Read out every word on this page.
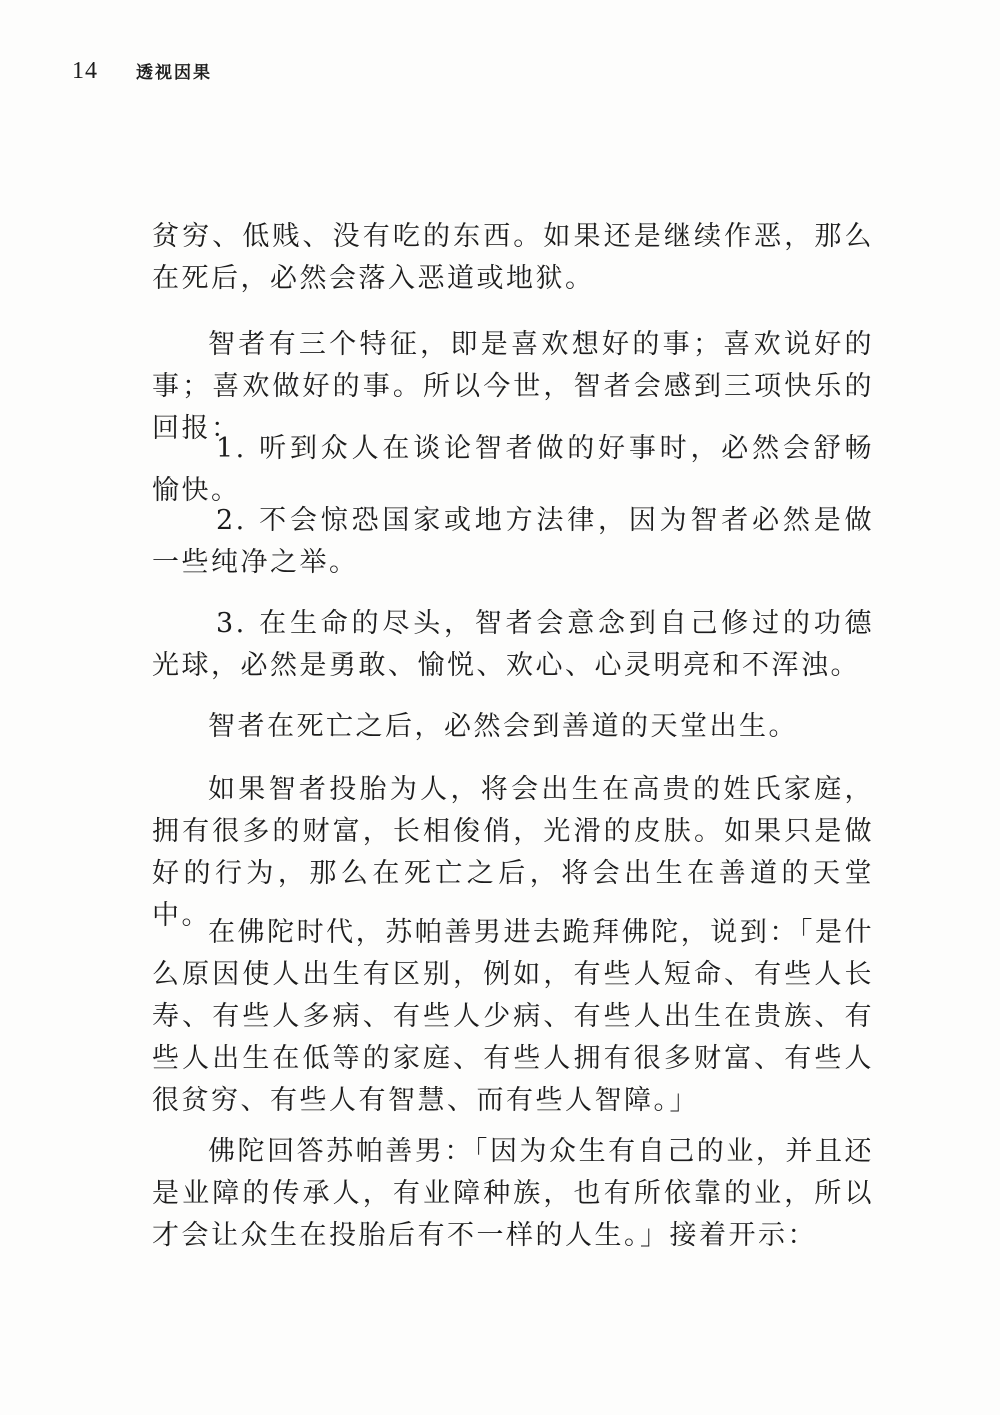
14 透视因果

贫穷、低贱、没有吃的东西。如果还是继续作恶，那么在死后，必然会落入恶道或地狱。

智者有三个特征，即是喜欢想好的事；喜欢说好的事；喜欢做好的事。所以今世，智者会感到三项快乐的回报：

1. 听到众人在谈论智者做的好事时，必然会舒畅愉快。

2. 不会惊恐国家或地方法律，因为智者必然是做一些纯净之举。

3. 在生命的尽头，智者会意念到自己修过的功德光球，必然是勇敢、愉悦、欢心、心灵明亮和不浑浊。

智者在死亡之后，必然会到善道的天堂出生。

如果智者投胎为人，将会出生在高贵的姓氏家庭，拥有很多的财富，长相俊俏，光滑的皮肤。如果只是做好的行为，那么在死亡之后，将会出生在善道的天堂中。

在佛陀时代，苏帕善男进去跪拜佛陀，说到：「是什么原因使人出生有区别，例如，有些人短命、有些人长寿、有些人多病、有些人少病、有些人出生在贵族、有些人出生在低等的家庭、有些人拥有很多财富、有些人很贫穷、有些人有智慧、而有些人智障。」

佛陀回答苏帕善男：「因为众生有自己的业，并且还是业障的传承人，有业障种族，也有所依靠的业，所以才会让众生在投胎后有不一样的人生。」接着开示：
